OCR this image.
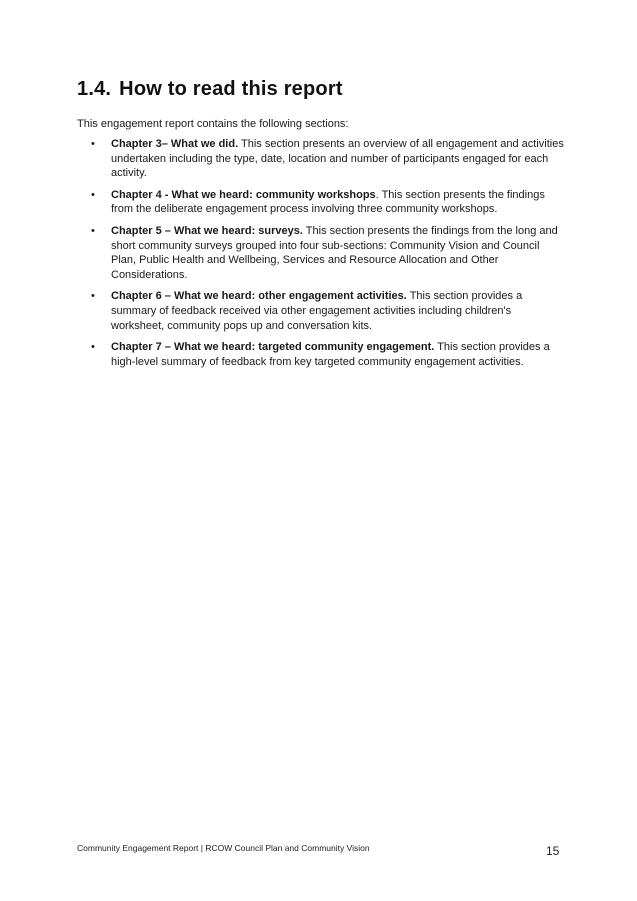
1.4. How to read this report

This engagement report contains the following sections:

• Chapter 3– What we did. This section presents an overview of all engagement and activities undertaken including the type, date, location and number of participants engaged for each activity.
• Chapter 4 - What we heard: community workshops. This section presents the findings from the deliberate engagement process involving three community workshops.
• Chapter 5 – What we heard: surveys. This section presents the findings from the long and short community surveys grouped into four sub-sections: Community Vision and Council Plan, Public Health and Wellbeing, Services and Resource Allocation and Other Considerations.
• Chapter 6 – What we heard: other engagement activities. This section provides a summary of feedback received via other engagement activities including children's worksheet, community pops up and conversation kits.
• Chapter 7 – What we heard: targeted community engagement. This section provides a high-level summary of feedback from key targeted community engagement activities.
Community Engagement Report | RCOW Council Plan and Community Vision	15
